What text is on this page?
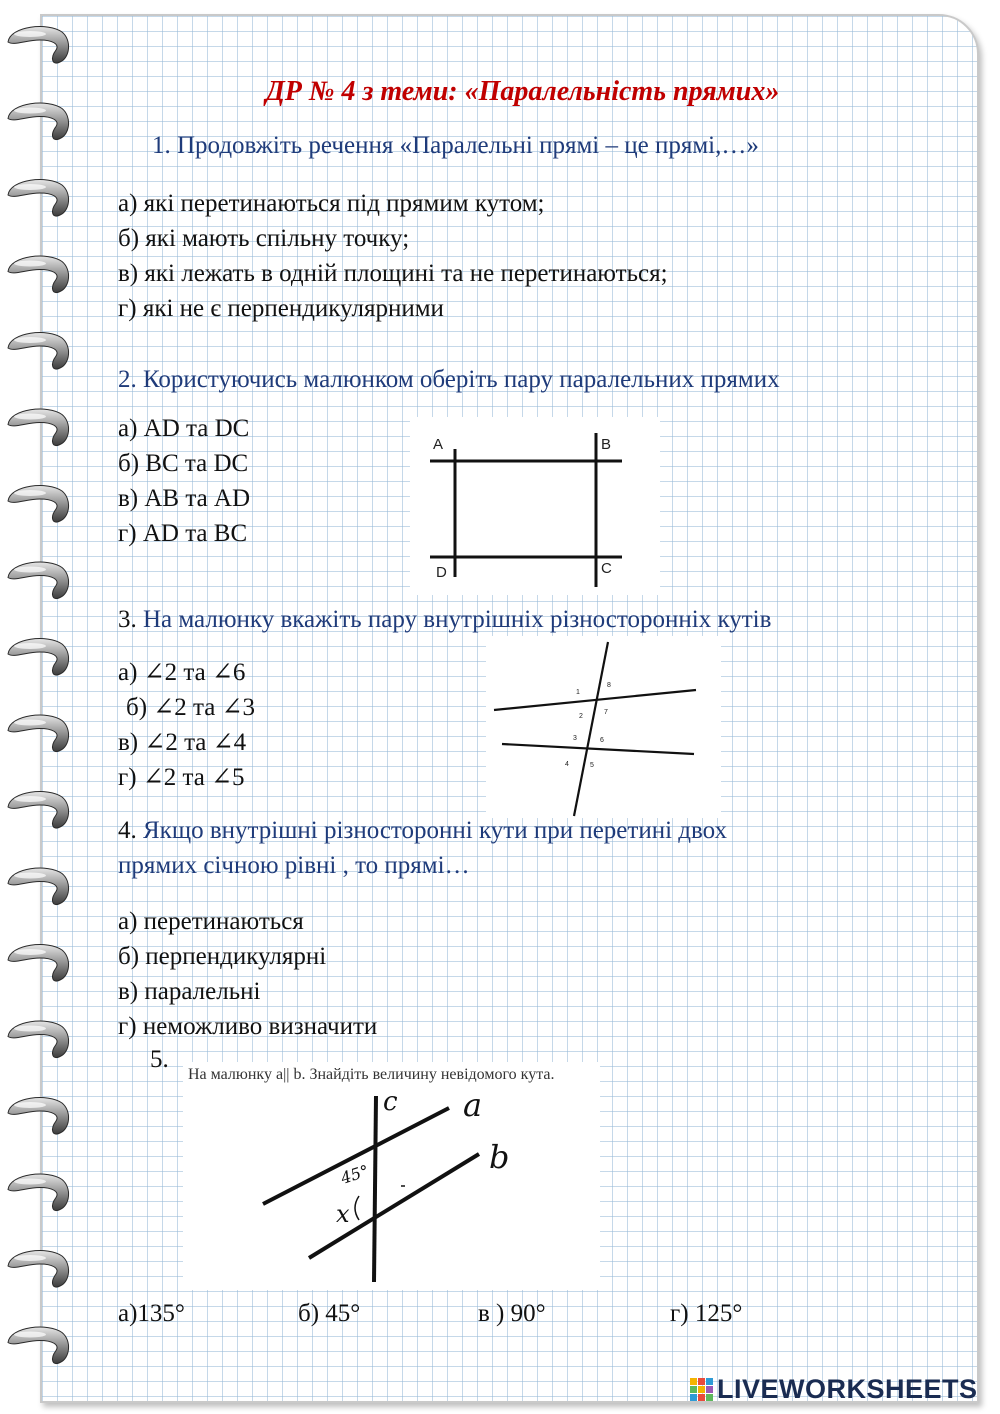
ДР № 4 з теми: «Паралельність прямих»
1. Продовжіть речення «Паралельні прямі – це прямі,…»
а) які перетинаються під прямим кутом;
б) які мають спільну точку;
в) які лежать в одній площині та не перетинаються;
г) які не є перпендикулярними
2. Користуючись малюнком оберіть пару паралельних прямих
а) AD та DC
б) BC та DC
в) AB та AD
г) AD та BC
A	B
C
D
3. На малюнку вкажіть пару внутрішніх різносторонніх кутів
а) ∠2 та ∠6
б) ∠2 та ∠3
в) ∠2 та ∠4
г) ∠2 та ∠5
1
8
2
7
3	6
4	5
4. Якщо внутрішні різносторонні кути при перетині двох
прямих січною рівні , то прямі…
а) перетинаються
б) перпендикулярні
в) паралельні
г) неможливо визначити
5.
На малюнку a|| b. Знайдіть величину невідомого кута.
c a
b
45°
x
а)135°	б) 45°	в ) 90°	г) 125°
LIVEWORKSHEETS
